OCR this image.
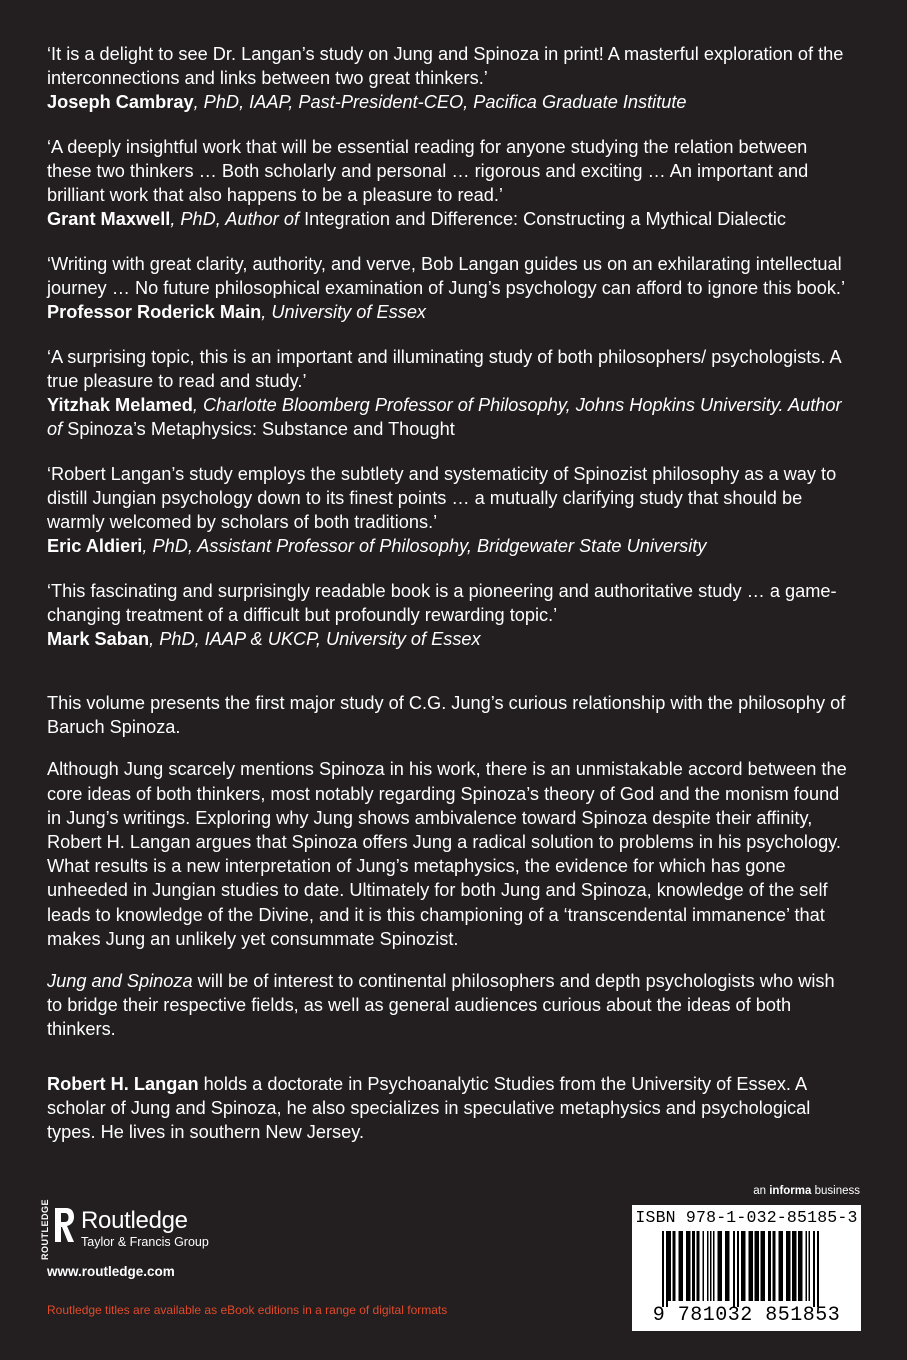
‘It is a delight to see Dr. Langan’s study on Jung and Spinoza in print! A masterful exploration of the interconnections and links between two great thinkers.’
Joseph Cambray, PhD, IAAP, Past-President-CEO, Pacifica Graduate Institute

‘A deeply insightful work that will be essential reading for anyone studying the relation between these two thinkers … Both scholarly and personal … rigorous and exciting … An important and brilliant work that also happens to be a pleasure to read.’
Grant Maxwell, PhD, Author of Integration and Difference: Constructing a Mythical Dialectic

‘Writing with great clarity, authority, and verve, Bob Langan guides us on an exhilarating intellectual journey … No future philosophical examination of Jung’s psychology can afford to ignore this book.’
Professor Roderick Main, University of Essex

‘A surprising topic, this is an important and illuminating study of both philosophers/ psychologists. A true pleasure to read and study.’
Yitzhak Melamed, Charlotte Bloomberg Professor of Philosophy, Johns Hopkins University. Author of Spinoza’s Metaphysics: Substance and Thought

‘Robert Langan’s study employs the subtlety and systematicity of Spinozist philosophy as a way to distill Jungian psychology down to its finest points … a mutually clarifying study that should be warmly welcomed by scholars of both traditions.’
Eric Aldieri, PhD, Assistant Professor of Philosophy, Bridgewater State University

‘This fascinating and surprisingly readable book is a pioneering and authoritative study … a game-changing treatment of a difficult but profoundly rewarding topic.’
Mark Saban, PhD, IAAP & UKCP, University of Essex

This volume presents the first major study of C.G. Jung’s curious relationship with the philosophy of Baruch Spinoza.

Although Jung scarcely mentions Spinoza in his work, there is an unmistakable accord between the core ideas of both thinkers, most notably regarding Spinoza’s theory of God and the monism found in Jung’s writings. Exploring why Jung shows ambivalence toward Spinoza despite their affinity, Robert H. Langan argues that Spinoza offers Jung a radical solution to problems in his psychology. What results is a new interpretation of Jung’s metaphysics, the evidence for which has gone unheeded in Jungian studies to date. Ultimately for both Jung and Spinoza, knowledge of the self leads to knowledge of the Divine, and it is this championing of a ‘transcendental immanence’ that makes Jung an unlikely yet consummate Spinozist.

Jung and Spinoza will be of interest to continental philosophers and depth psychologists who wish to bridge their respective fields, as well as general audiences curious about the ideas of both thinkers.

Robert H. Langan holds a doctorate in Psychoanalytic Studies from the University of Essex. A scholar of Jung and Spinoza, he also specializes in speculative metaphysics and psychological types. He lives in southern New Jersey.

ROUTLEDGE Routledge
Taylor & Francis Group
www.routledge.com
Routledge titles are available as eBook editions in a range of digital formats
an informa business
ISBN 978-1-032-85185-3
9 781032 851853
